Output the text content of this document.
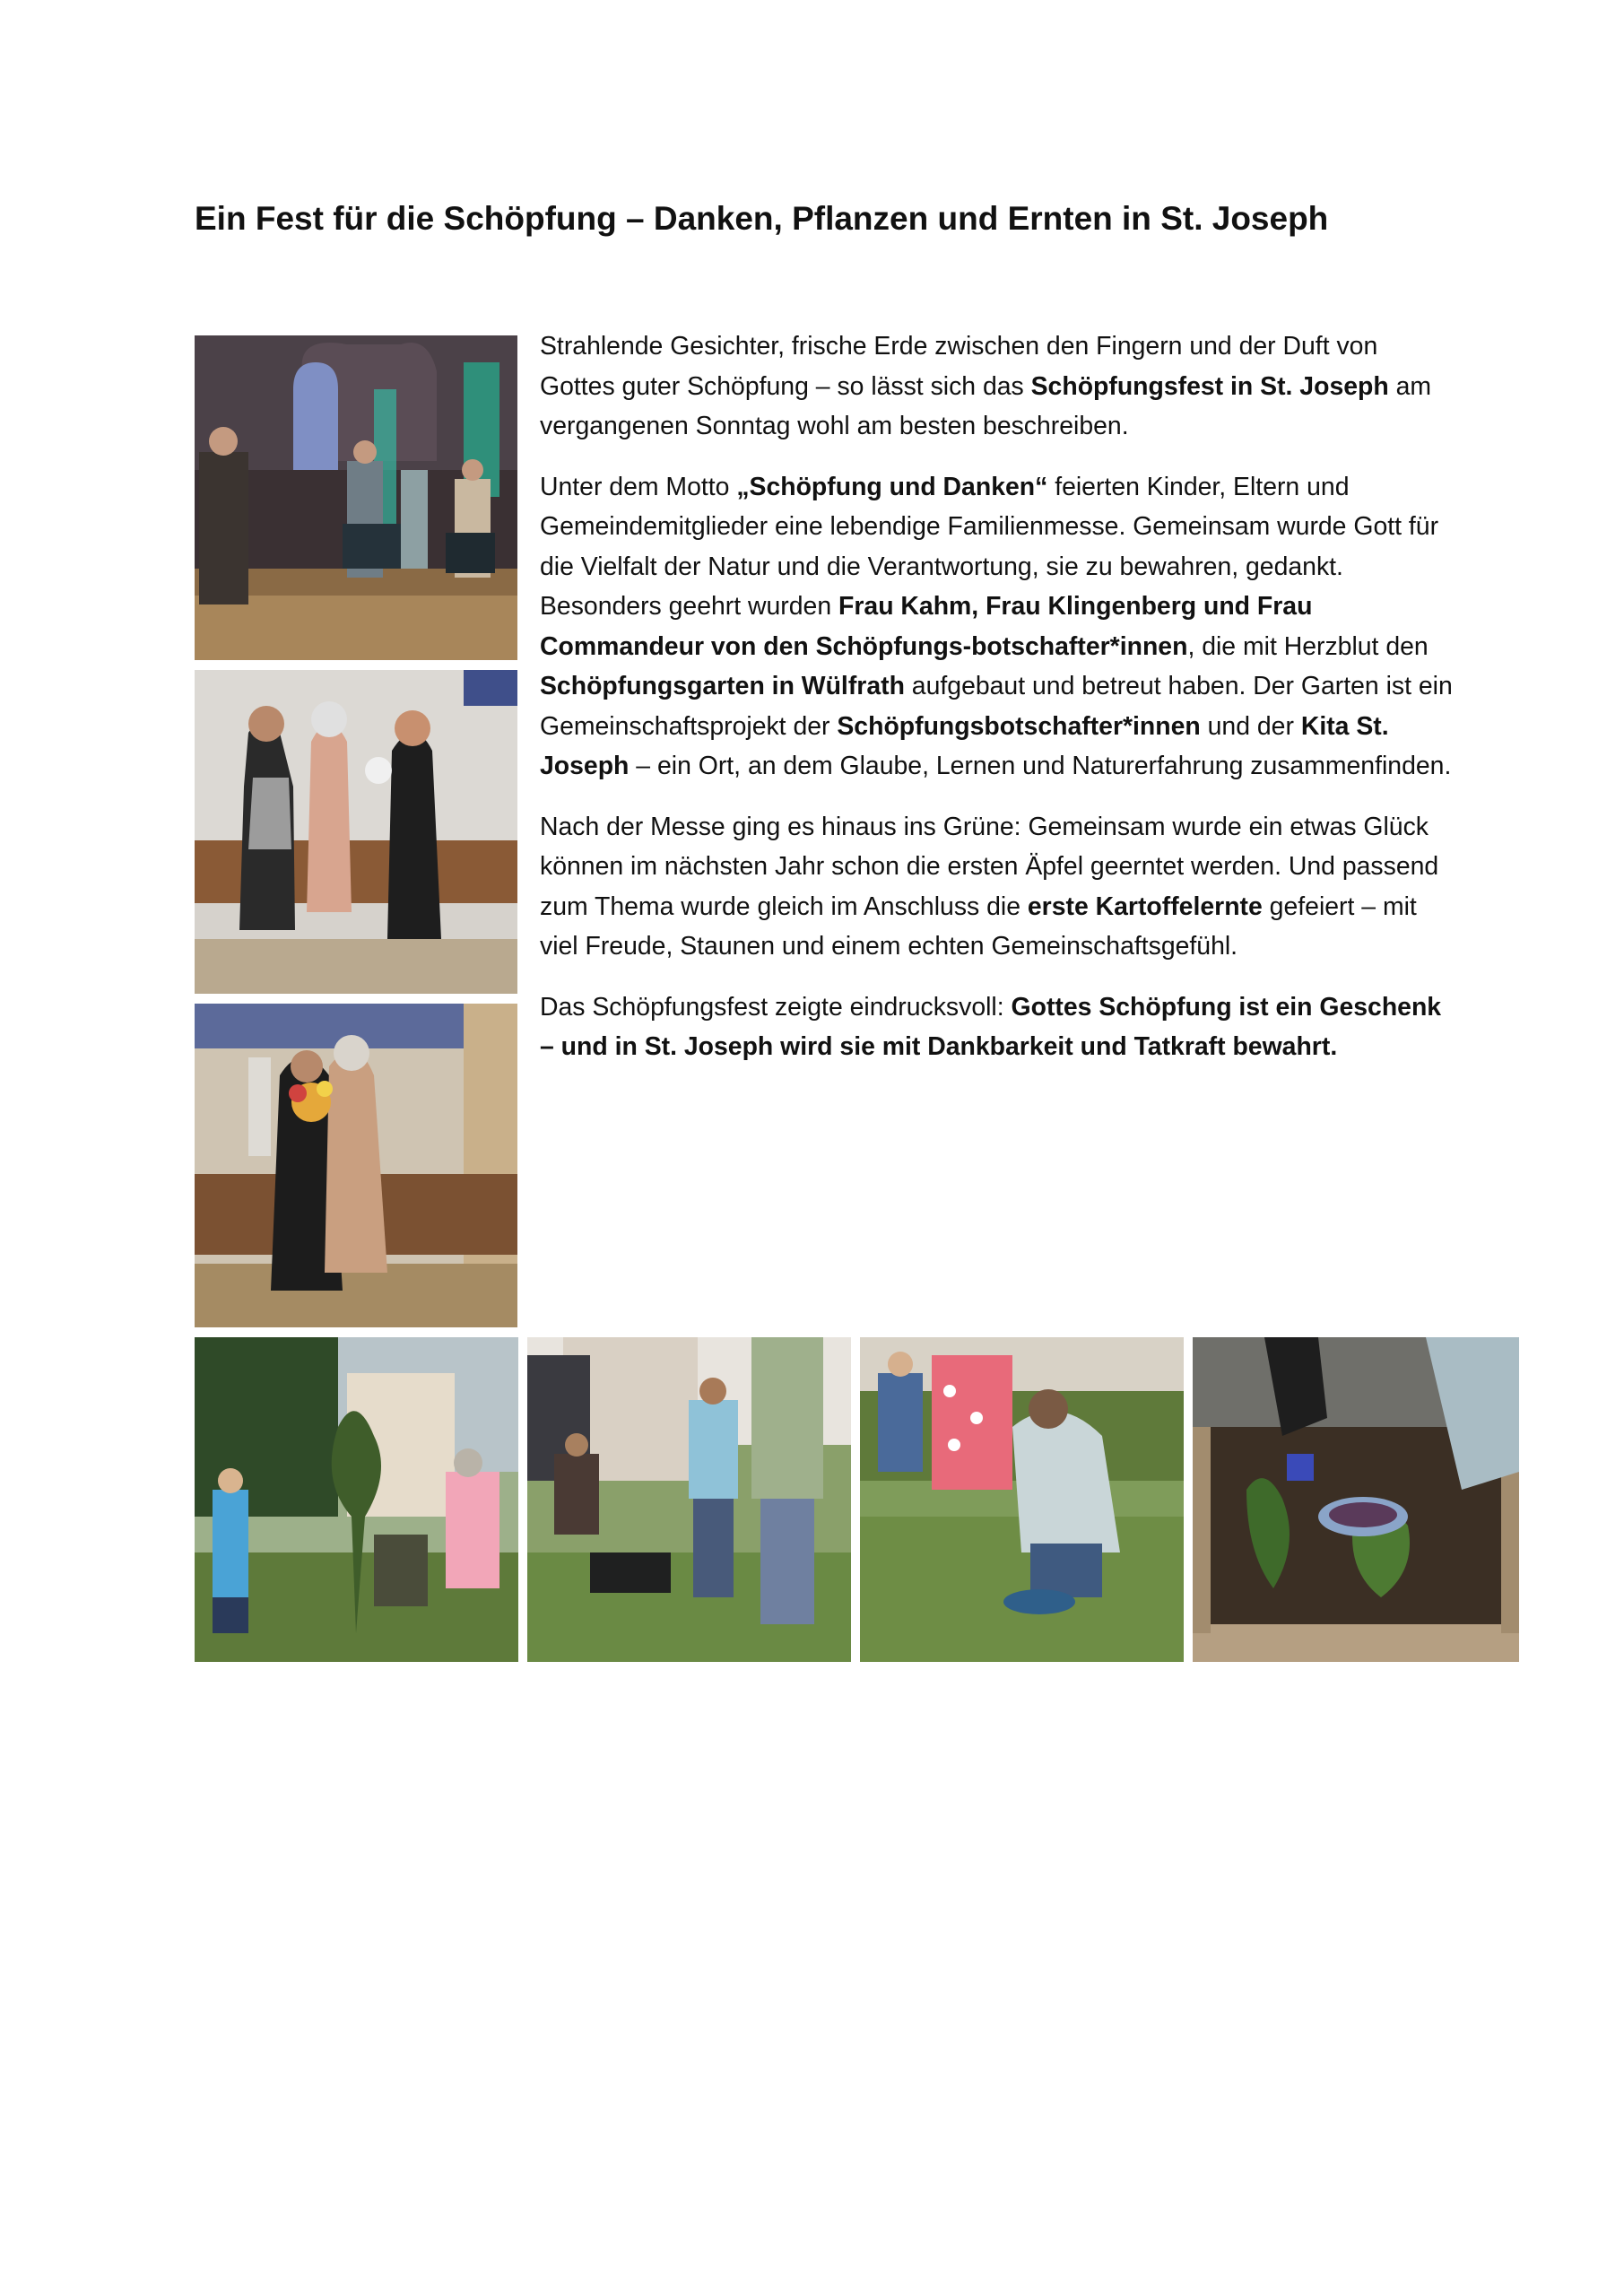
Ein Fest für die Schöpfung – Danken, Pflanzen und Ernten in St. Joseph

Strahlende Gesichter, frische Erde zwischen den Fingern und der Duft von Gottes guter Schöpfung – so lässt sich das Schöpfungsfest in St. Joseph am vergangenen Sonntag wohl am besten beschreiben.

Unter dem Motto „Schöpfung und Danken“ feierten Kinder, Eltern und Gemeindemitglieder eine lebendige Familienmesse. Gemeinsam wurde Gott für die Vielfalt der Natur und die Verantwortung, sie zu bewahren, gedankt. Besonders geehrt wurden Frau Kahm, Frau Klingenberg und Frau Commandeur von den Schöpfungs-botschafter*innen, die mit Herzblut den Schöpfungsgarten in Wülfrath aufgebaut und betreut haben. Der Garten ist ein Gemeinschaftsprojekt der Schöpfungsbotschafter*innen und der Kita St. Joseph – ein Ort, an dem Glaube, Lernen und Naturerfahrung zusammenfinden.

Nach der Messe ging es hinaus ins Grüne: Gemeinsam wurde ein etwas Glück können im nächsten Jahr schon die ersten Äpfel geerntet werden. Und passend zum Thema wurde gleich im Anschluss die erste Kartoffelernte gefeiert – mit viel Freude, Staunen und einem echten Gemeinschaftsgefühl.

Das Schöpfungsfest zeigte eindrucksvoll: Gottes Schöpfung ist ein Geschenk – und in St. Joseph wird sie mit Dankbarkeit und Tatkraft bewahrt.
